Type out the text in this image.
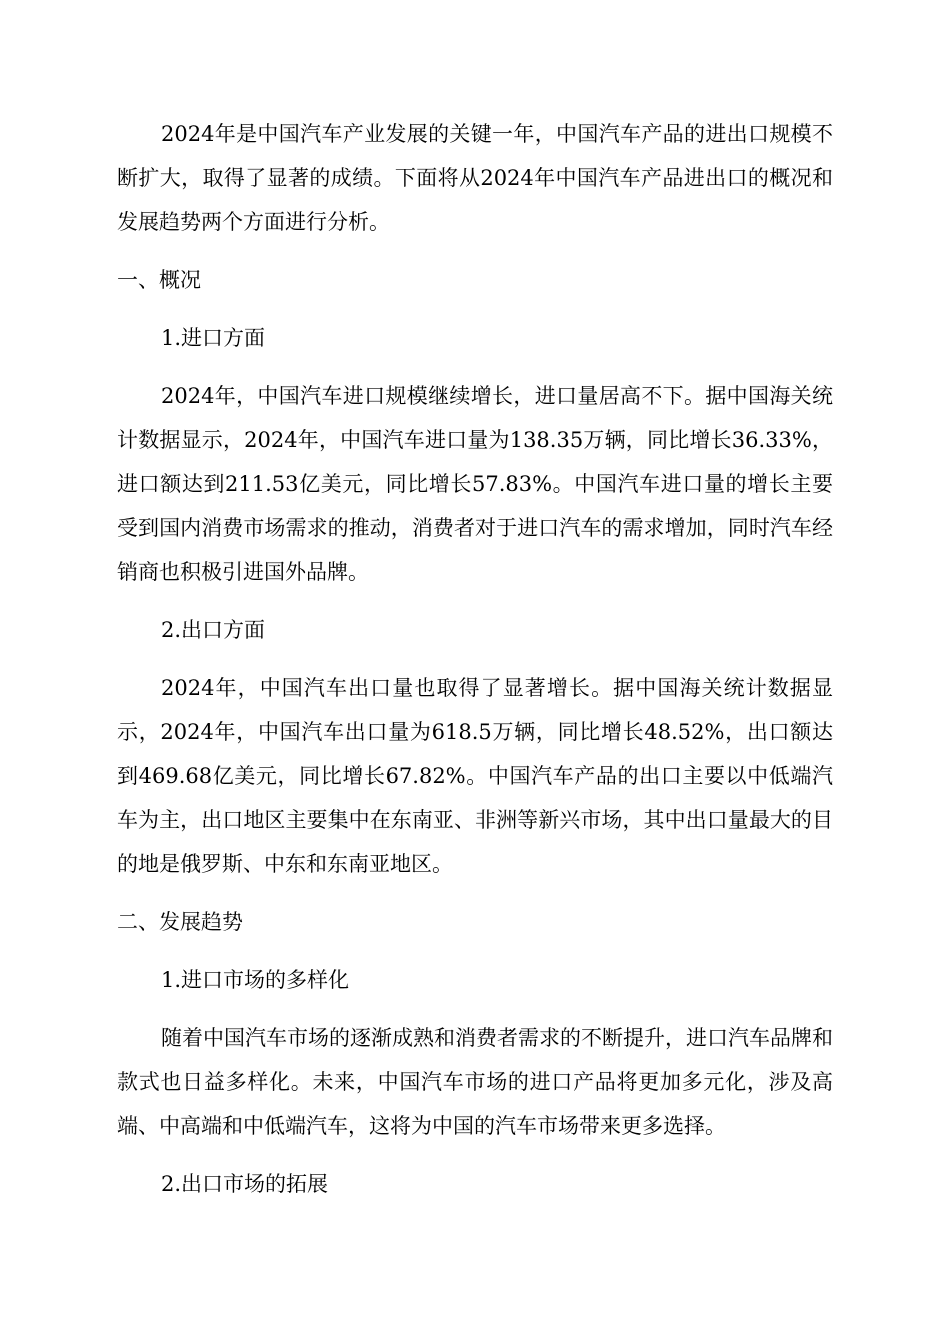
2024年是中国汽车产业发展的关键一年，中国汽车产品的进出口规模不断扩大，取得了显著的成绩。下面将从2024年中国汽车产品进出口的概况和发展趋势两个方面进行分析。

一、概况

1.进口方面

2024年，中国汽车进口规模继续增长，进口量居高不下。据中国海关统计数据显示，2024年，中国汽车进口量为138.35万辆，同比增长36.33%，进口额达到211.53亿美元，同比增长57.83%。中国汽车进口量的增长主要受到国内消费市场需求的推动，消费者对于进口汽车的需求增加，同时汽车经销商也积极引进国外品牌。

2.出口方面

2024年，中国汽车出口量也取得了显著增长。据中国海关统计数据显示，2024年，中国汽车出口量为618.5万辆，同比增长48.52%，出口额达到469.68亿美元，同比增长67.82%。中国汽车产品的出口主要以中低端汽车为主，出口地区主要集中在东南亚、非洲等新兴市场，其中出口量最大的目的地是俄罗斯、中东和东南亚地区。

二、发展趋势

1.进口市场的多样化

随着中国汽车市场的逐渐成熟和消费者需求的不断提升，进口汽车品牌和款式也日益多样化。未来，中国汽车市场的进口产品将更加多元化，涉及高端、中高端和中低端汽车，这将为中国的汽车市场带来更多选择。

2.出口市场的拓展
